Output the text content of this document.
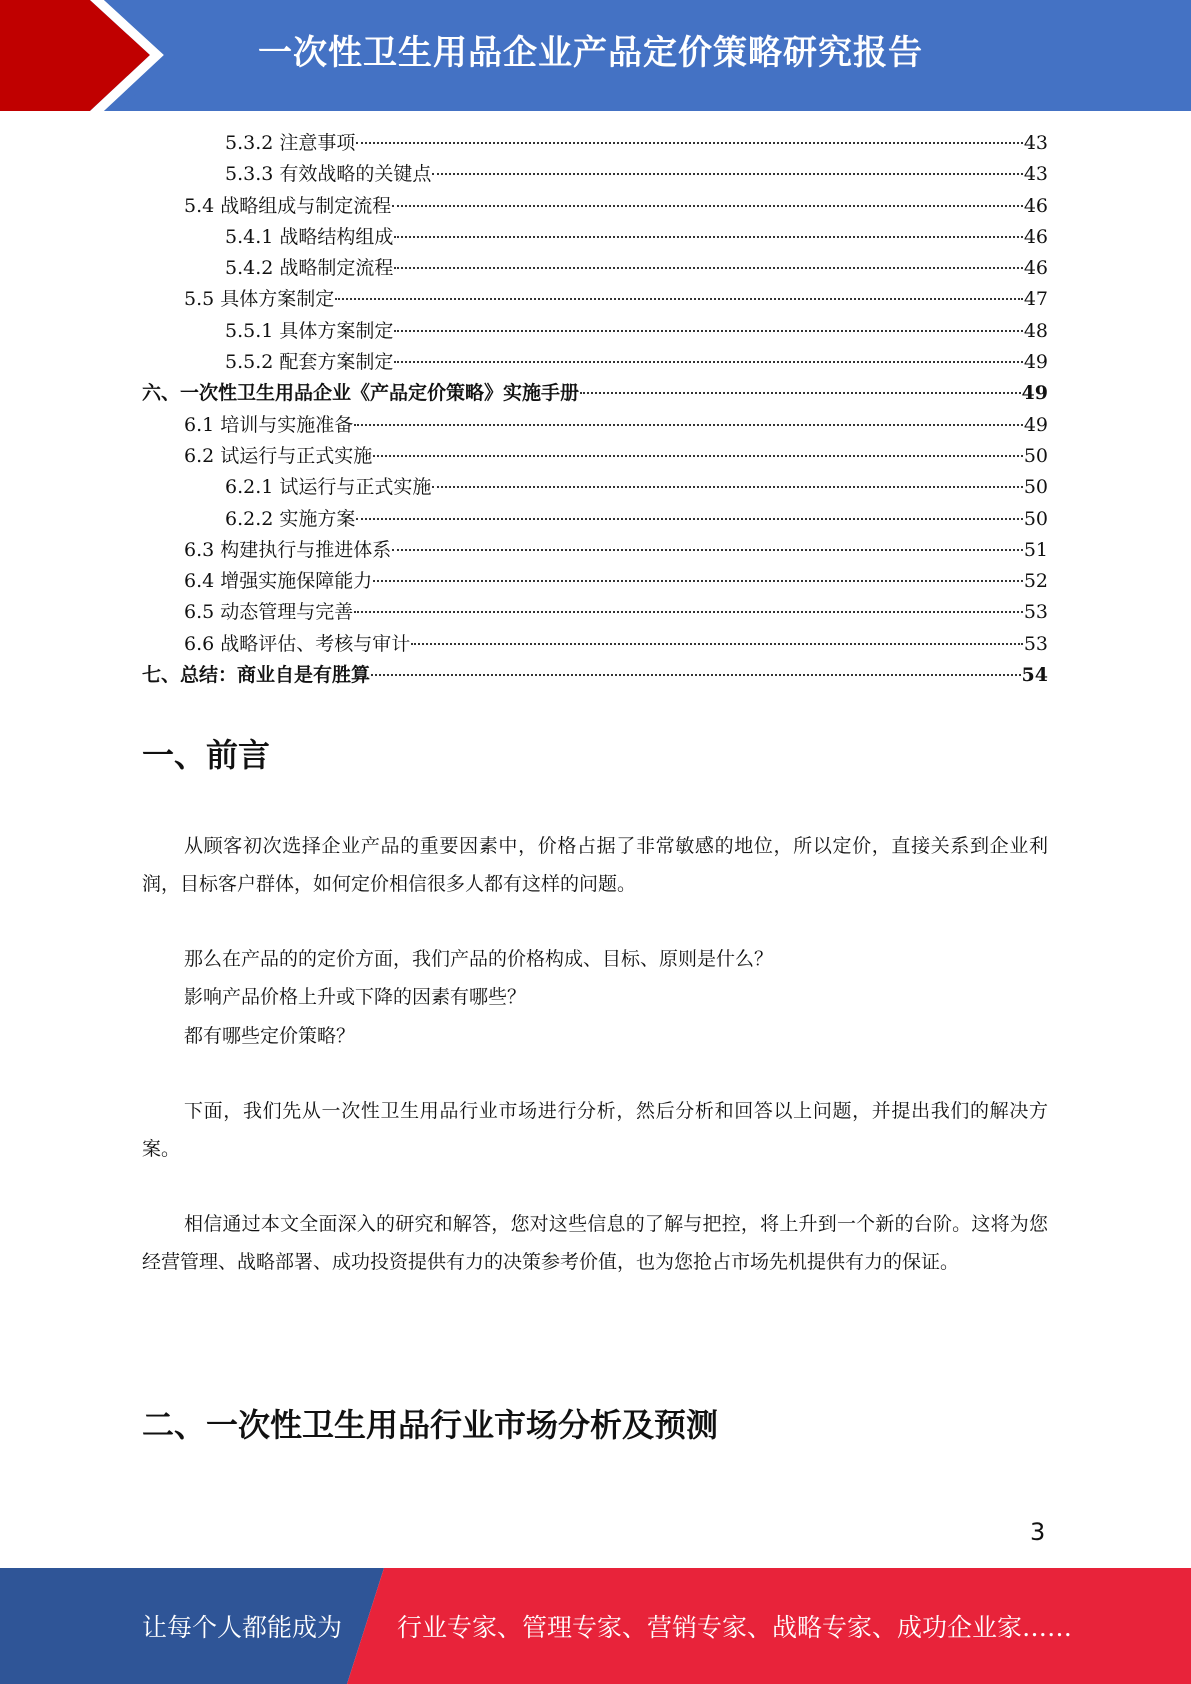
一次性卫生用品企业产品定价策略研究报告
5.3.2 注意事项	43
5.3.3 有效战略的关键点	43
5.4 战略组成与制定流程	46
5.4.1 战略结构组成	46
5.4.2 战略制定流程	46
5.5 具体方案制定	47
5.5.1 具体方案制定	48
5.5.2 配套方案制定	49
六、一次性卫生用品企业《产品定价策略》实施手册	49
6.1 培训与实施准备	49
6.2 试运行与正式实施	50
6.2.1 试运行与正式实施	50
6.2.2 实施方案	50
6.3 构建执行与推进体系	51
6.4 增强实施保障能力	52
6.5 动态管理与完善	53
6.6 战略评估、考核与审计	53
七、总结：商业自是有胜算	54
一、前言

从顾客初次选择企业产品的重要因素中，价格占据了非常敏感的地位，所以定价，直接关系到企业利润，目标客户群体，如何定价相信很多人都有这样的问题。

那么在产品的的定价方面，我们产品的价格构成、目标、原则是什么？

影响产品价格上升或下降的因素有哪些？

都有哪些定价策略？

下面，我们先从一次性卫生用品行业市场进行分析，然后分析和回答以上问题，并提出我们的解决方案。

相信通过本文全面深入的研究和解答，您对这些信息的了解与把控，将上升到一个新的台阶。这将为您经营管理、战略部署、成功投资提供有力的决策参考价值，也为您抢占市场先机提供有力的保证。

二、一次性卫生用品行业市场分析及预测
3
让每个人都能成为 行业专家、管理专家、营销专家、战略专家、成功企业家……
